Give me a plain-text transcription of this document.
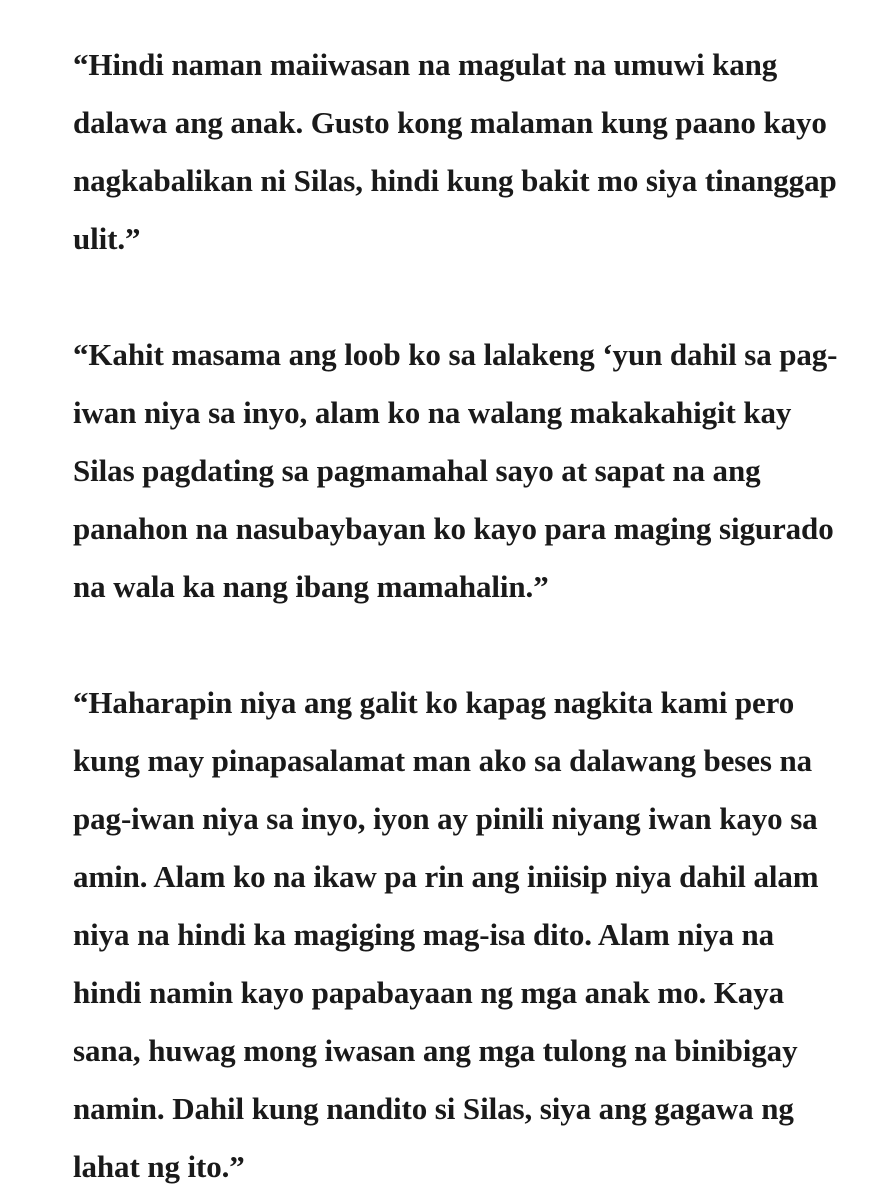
“Hindi naman maiiwasan na magulat na umuwi kang
dalawa ang anak. Gusto kong malaman kung paano kayo
nagkabalikan ni Silas, hindi kung bakit mo siya tinanggap
ulit.”
“Kahit masama ang loob ko sa lalakeng ‘yun dahil sa pag-
iwan niya sa inyo, alam ko na walang makakahigit kay
Silas pagdating sa pagmamahal sayo at sapat na ang
panahon na nasubaybayan ko kayo para maging sigurado
na wala ka nang ibang mamahalin.”
“Haharapin niya ang galit ko kapag nagkita kami pero
kung may pinapasalamat man ako sa dalawang beses na
pag-iwan niya sa inyo, iyon ay pinili niyang iwan kayo sa
amin. Alam ko na ikaw pa rin ang iniisip niya dahil alam
niya na hindi ka magiging mag-isa dito. Alam niya na
hindi namin kayo papabayaan ng mga anak mo. Kaya
sana, huwag mong iwasan ang mga tulong na binibigay
namin. Dahil kung nandito si Silas, siya ang gagawa ng
lahat ng ito.”
